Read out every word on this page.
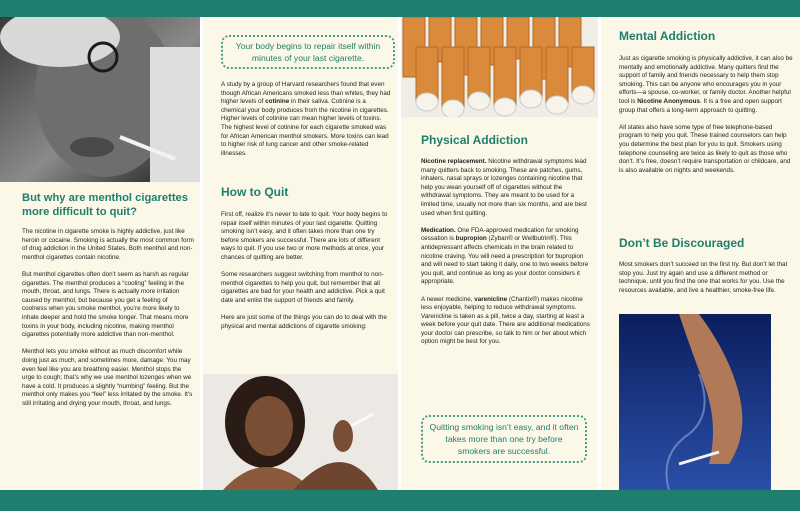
But why are menthol cigarettes more difficult to quit?

The nicotine in cigarette smoke is highly addictive, just like heroin or cocaine. Smoking is actually the most common form of drug addiction in the United States. Both menthol and non-menthol cigarettes contain nicotine.

But menthol cigarettes often don’t seem as harsh as regular cigarettes. The menthol produces a “cooling” feeling in the mouth, throat, and lungs. There is actually more irritation caused by menthol, but because you get a feeling of coolness when you smoke menthol, you’re more likely to inhale deeper and hold the smoke longer. That means more toxins in your body, including nicotine, making menthol cigarettes potentially more addictive than non-menthol.

Menthol lets you smoke without as much discomfort while doing just as much, and sometimes more, damage. You may even feel like you are breathing easier. Menthol stops the urge to cough; that’s why we use menthol lozenges when we have a cold. It produces a slightly “numbing” feeling. But the menthol only makes you “feel” less irritated by the smoke. It’s still irritating and drying your mouth, throat, and lungs.

Your body begins to repair itself within minutes of your last cigarette.

A study by a group of Harvard researchers found that even though African Americans smoked less than whites, they had higher levels of cotinine in their saliva. Cotinine is a chemical your body produces from the nicotine in cigarettes. Higher levels of cotinine can mean higher levels of toxins. The highest level of cotinine for each cigarette smoked was for African American menthol smokers. More toxins can lead to higher risk of lung cancer and other smoke-related illnesses.

How to Quit

First off, realize it’s never to late to quit. Your body begins to repair itself within minutes of your last cigarette. Quitting smoking isn’t easy, and it often takes more than one try before smokers are successful. There are lots of different ways to quit. If you use two or more methods at once, your chances of quitting are better.

Some researchers suggest switching from menthol to non-menthol cigarettes to help you quit, but remember that all cigarettes are bad for your health and addictive. Pick a quit date and enlist the support of friends and family.

Here are just some of the things you can do to deal with the physical and mental addictions of cigarette smoking:

Physical Addiction

Nicotine replacement. Nicotine withdrawal symptoms lead many quitters back to smoking. These are patches, gums, inhalers, nasal sprays or lozenges containing nicotine that help you wean yourself off of cigarettes without the withdrawal symptoms. They are meant to be used for a limited time, usually not more than six months, and are best used when first quitting.

Medication. One FDA-approved medication for smoking cessation is bupropion (Zyban® or Wellbutrin®). This antidepressant affects chemicals in the brain related to nicotine craving. You will need a prescription for bupropion and will need to start taking it daily, one to two weeks before you quit, and continue as long as your doctor considers it appropriate.

A newer medicine, varenicline (Chantix®) makes nicotine less enjoyable, helping to reduce withdrawal symptoms. Varenicline is taken as a pill, twice a day, starting at least a week before your quit date. There are additional medications your doctor can prescribe, so talk to him or her about which option might be best for you.

Quitting smoking isn’t easy, and it often takes more than one try before smokers are successful.
Mental Addiction

Just as cigarette smoking is physically addictive, it can also be mentally and emotionally addictive. Many quitters find the support of family and friends necessary to help them stop smoking. This can be anyone who encourages you in your efforts—a spouse, co-worker, or family doctor. Another helpful tool is Nicotine Anonymous. It is a free and open support group that offers a long-term approach to quitting.

All states also have some type of free telephone-based program to help you quit. These trained counselors can help you determine the best plan for you to quit. Smokers using telephone counseling are twice as likely to quit as those who don’t. It’s free, doesn’t require transportation or childcare, and is also available on nights and weekends.

Don’t Be Discouraged

Most smokers don’t succeed on the first try. But don’t let that stop you. Just try again and use a different method or technique, until you find the one that works for you. Use the resources available, and live a healthier, smoke-free life.
